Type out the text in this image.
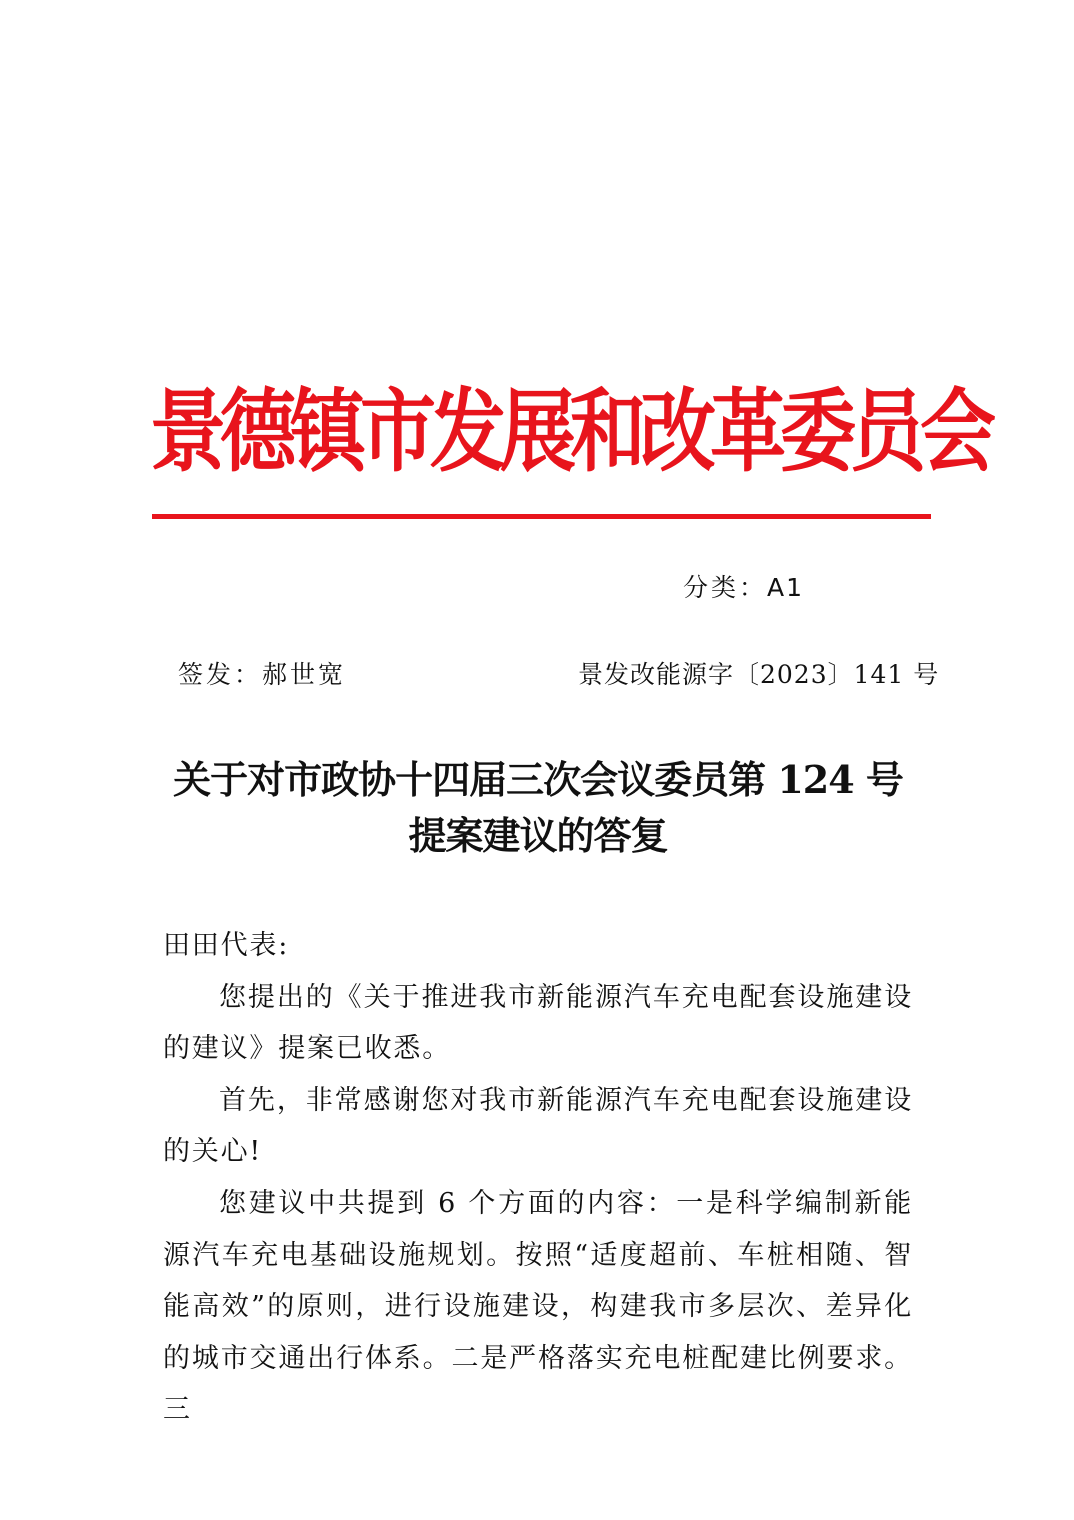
景德镇市发展和改革委员会
分类：A1
签发：郝世宽	景发改能源字〔2023〕141 号
关于对市政协十四届三次会议委员第 124 号
提案建议的答复

田田代表:

您提出的《关于推进我市新能源汽车充电配套设施建设的建议》提案已收悉。

首先，非常感谢您对我市新能源汽车充电配套设施建设的关心!

您建议中共提到 6 个方面的内容：一是科学编制新能源汽车充电基础设施规划。按照“适度超前、车桩相随、智能高效”的原则，进行设施建设，构建我市多层次、差异化的城市交通出行体系。二是严格落实充电桩配建比例要求。三
